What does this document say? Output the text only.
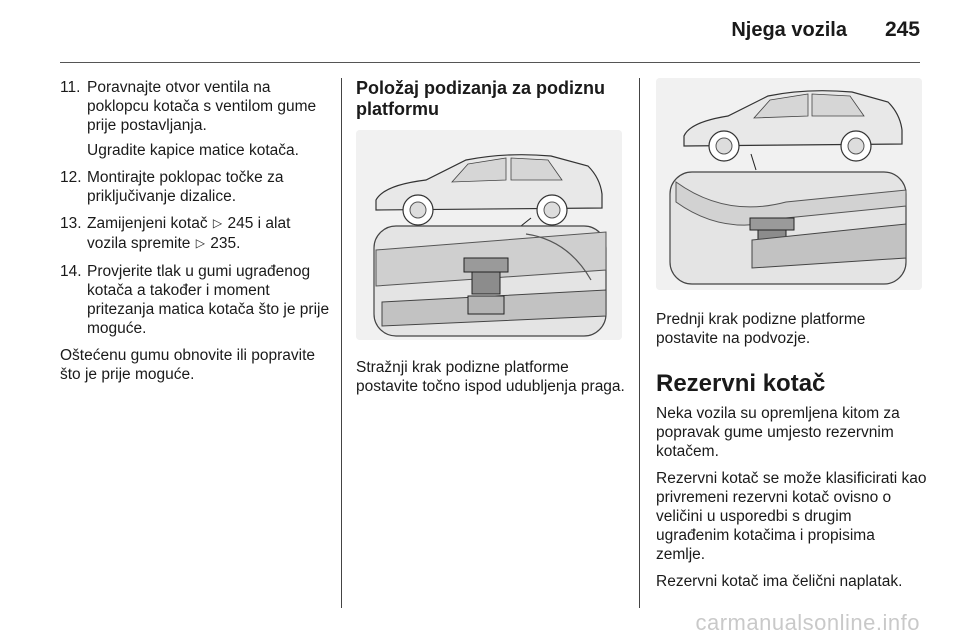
Njega vozila 245
11. Poravnajte otvor ventila na poklopcu kotača s ventilom gume prije postavljanja.
Ugradite kapice matice kotača.
12. Montirajte poklopac točke za priključivanje dizalice.
13. Zamijenjeni kotač ▷ 245 i alat vozila spremite ▷ 235.
14. Provjerite tlak u gumi ugrađenog kotača a također i moment pritezanja matica kotača što je prije moguće.
Oštećenu gumu obnovite ili popravite što je prije moguće.
Položaj podizanja za podiznu platformu
Stražnji krak podizne platforme postavite točno ispod udubljenja praga.
Prednji krak podizne platforme postavite na podvozje.
Rezervni kotač
Neka vozila su opremljena kitom za popravak gume umjesto rezervnim kotačem.
Rezervni kotač se može klasificirati kao privremeni rezervni kotač ovisno o veličini u usporedbi s drugim ugrađenim kotačima i propisima zemlje.
Rezervni kotač ima čelični naplatak.
carmanualsonline.info
